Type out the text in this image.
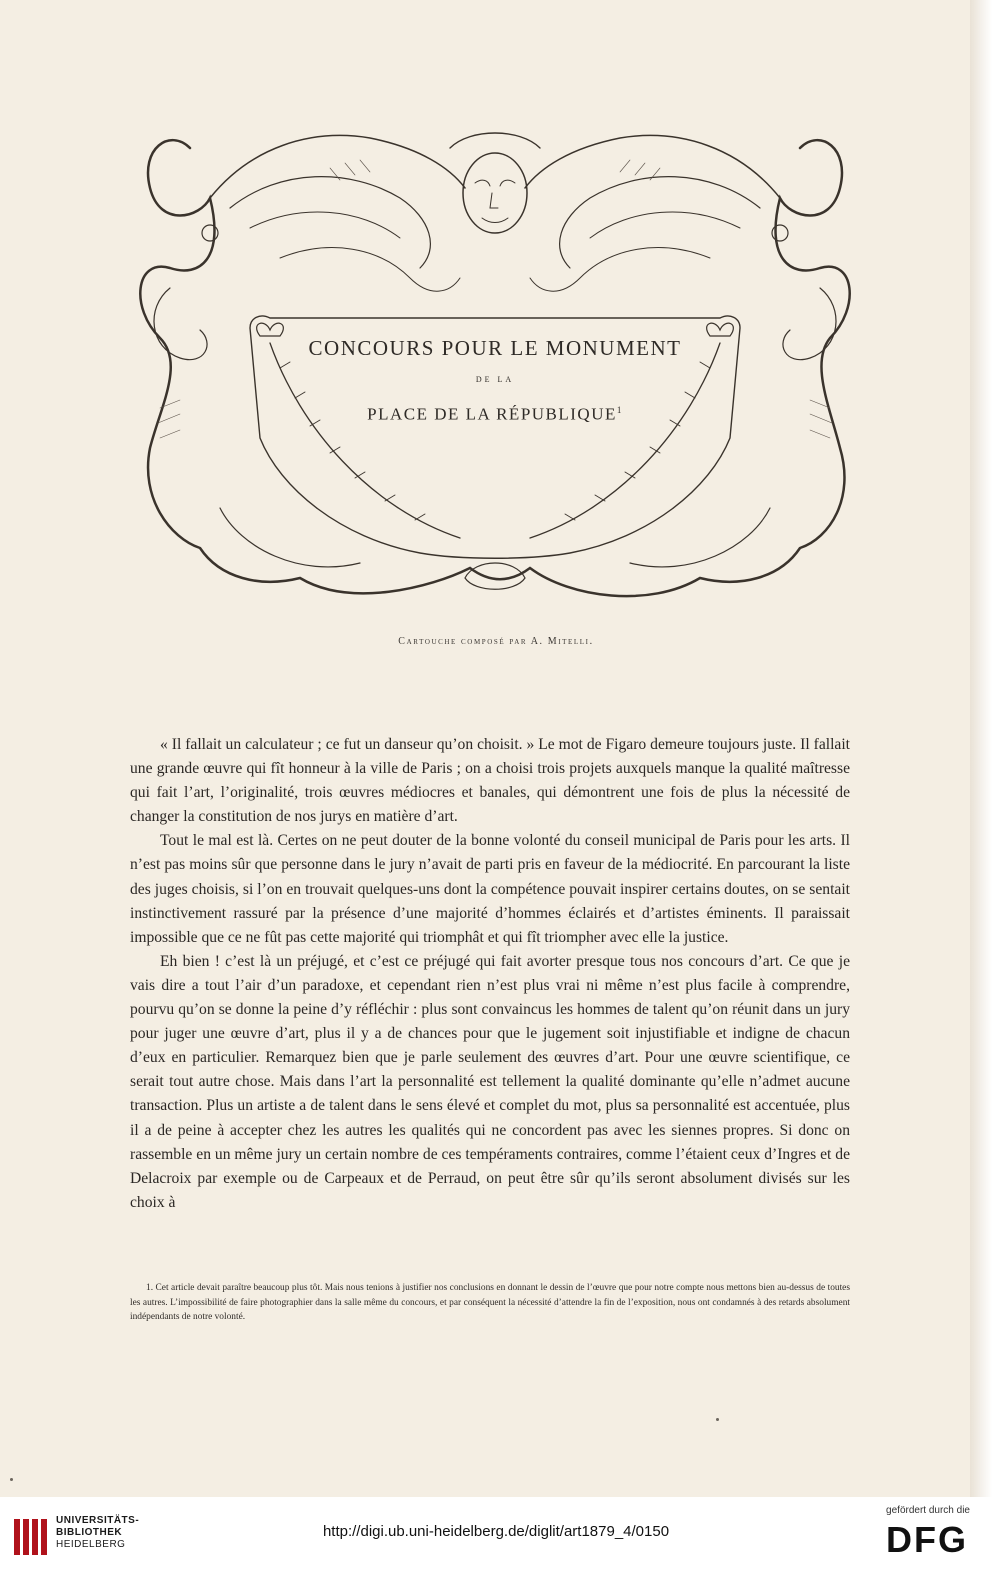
CONCOURS POUR LE MONUMENT
DE LA
PLACE DE LA RÉPUBLIQUE$^1$
Cartouche composé par A. Mitelli.

« Il fallait un calculateur ; ce fut un danseur qu’on choisit. » Le mot de Figaro demeure toujours juste. Il fallait une grande œuvre qui fît honneur à la ville de Paris ; on a choisi trois projets auxquels manque la qualité maîtresse qui fait l’art, l’originalité, trois œuvres médiocres et banales, qui démontrent une fois de plus la nécessité de changer la constitution de nos jurys en matière d’art.

Tout le mal est là. Certes on ne peut douter de la bonne volonté du conseil municipal de Paris pour les arts. Il n’est pas moins sûr que personne dans le jury n’avait de parti pris en faveur de la médiocrité. En parcourant la liste des juges choisis, si l’on en trouvait quelques-uns dont la compétence pouvait inspirer certains doutes, on se sentait instinctivement rassuré par la présence d’une majorité d’hommes éclairés et d’artistes éminents. Il paraissait impossible que ce ne fût pas cette majorité qui triomphât et qui fît triompher avec elle la justice.

Eh bien ! c’est là un préjugé, et c’est ce préjugé qui fait avorter presque tous nos concours d’art. Ce que je vais dire a tout l’air d’un paradoxe, et cependant rien n’est plus vrai ni même n’est plus facile à comprendre, pourvu qu’on se donne la peine d’y réfléchir : plus sont convaincus les hommes de talent qu’on réunit dans un jury pour juger une œuvre d’art, plus il y a de chances pour que le jugement soit injustifiable et indigne de chacun d’eux en particulier. Remarquez bien que je parle seulement des œuvres d’art. Pour une œuvre scientifique, ce serait tout autre chose. Mais dans l’art la personnalité est tellement la qualité dominante qu’elle n’admet aucune transaction. Plus un artiste a de talent dans le sens élevé et complet du mot, plus sa personnalité est accentuée, plus il a de peine à accepter chez les autres les qualités qui ne concordent pas avec les siennes propres. Si donc on rassemble en un même jury un certain nombre de ces tempéraments contraires, comme l’étaient ceux d’Ingres et de Delacroix par exemple ou de Carpeaux et de Perraud, on peut être sûr qu’ils seront absolument divisés sur les choix à

1. Cet article devait paraître beaucoup plus tôt. Mais nous tenions à justifier nos conclusions en donnant le dessin de l’œuvre que pour notre compte nous mettons bien au-dessus de toutes les autres. L’impossibilité de faire photographier dans la salle même du concours, et par conséquent la nécessité d’attendre la fin de l’exposition, nous ont condamnés à des retards absolument indépendants de notre volonté.
UNIVERSITÄTS-
BIBLIOTHEK
HEIDELBERG
http://digi.ub.uni-heidelberg.de/diglit/art1879_4/0150
gefördert durch die
DFG
